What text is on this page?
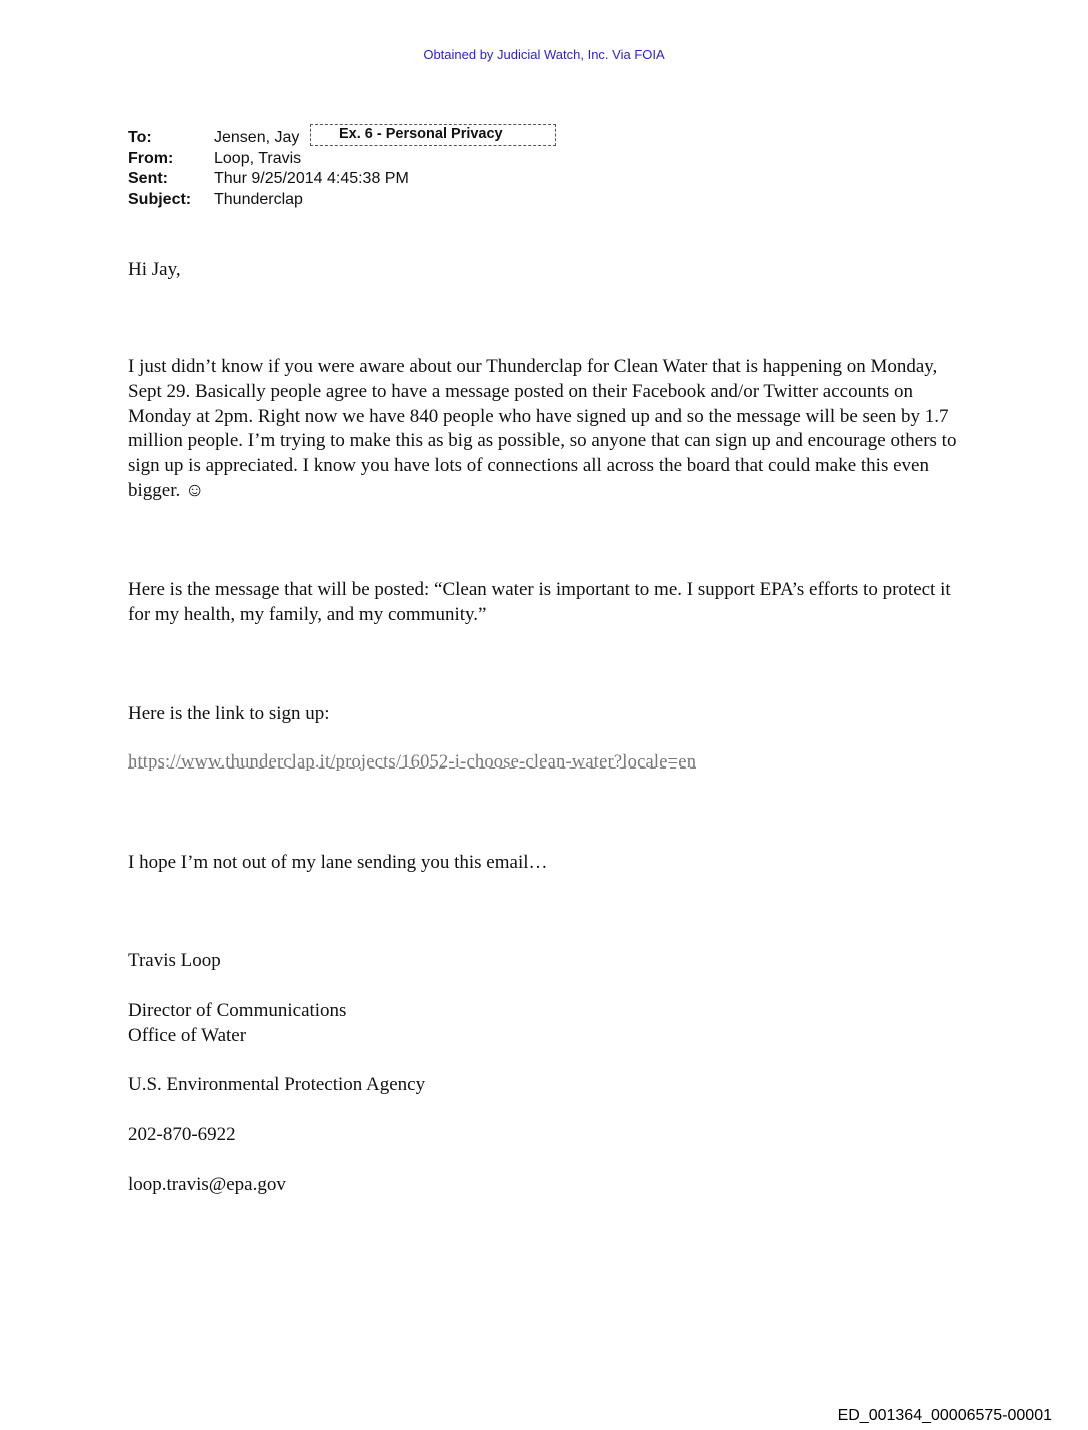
Obtained by Judicial Watch, Inc. Via FOIA
To:	Jensen, Jay	Ex. 6 - Personal Privacy
From:	Loop, Travis
Sent:	Thur 9/25/2014 4:45:38 PM
Subject:	Thunderclap
Hi Jay,
I just didn’t know if you were aware about our Thunderclap for Clean Water that is happening on Monday, Sept 29. Basically people agree to have a message posted on their Facebook and/or Twitter accounts on Monday at 2pm. Right now we have 840 people who have signed up and so the message will be seen by 1.7 million people. I’m trying to make this as big as possible, so anyone that can sign up and encourage others to sign up is appreciated. I know you have lots of connections all across the board that could make this even bigger. ☺
Here is the message that will be posted: “Clean water is important to me. I support EPA’s efforts to protect it for my health, my family, and my community.”
Here is the link to sign up:
https://www.thunderclap.it/projects/16052-i-choose-clean-water?locale=en
I hope I’m not out of my lane sending you this email…
Travis Loop
Director of Communications
Office of Water
U.S. Environmental Protection Agency
202-870-6922
loop.travis@epa.gov
ED_001364_00006575-00001
